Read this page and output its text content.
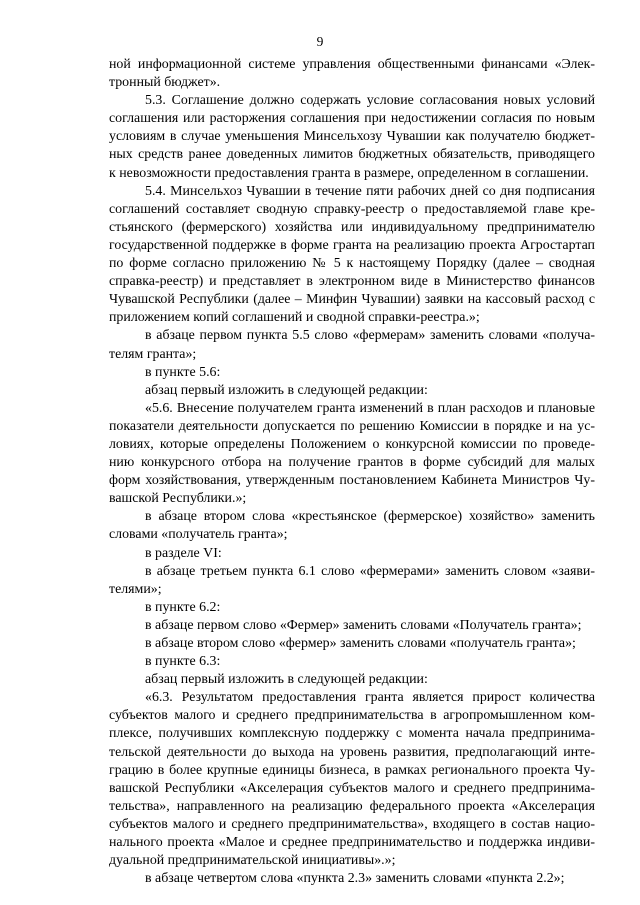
9
ной информационной системе управления общественными финансами «Элек-
тронный бюджет».
5.3. Соглашение должно содержать условие согласования новых условий
соглашения или расторжения соглашения при недостижении согласия по новым
условиям в случае уменьшения Минсельхозу Чувашии как получателю бюджет-
ных средств ранее доведенных лимитов бюджетных обязательств, приводящего
к невозможности предоставления гранта в размере, определенном в соглашении.
5.4. Минсельхоз Чувашии в течение пяти рабочих дней со дня подписания
соглашений составляет сводную справку-реестр о предоставляемой главе кре-
стьянского (фермерского) хозяйства или индивидуальному предпринимателю
государственной поддержке в форме гранта на реализацию проекта Агростартап
по форме согласно приложению № 5 к настоящему Порядку (далее – сводная
справка-реестр) и представляет в электронном виде в Министерство финансов
Чувашской Республики (далее – Минфин Чувашии) заявки на кассовый расход с
приложением копий соглашений и сводной справки-реестра.»;
в абзаце первом пункта 5.5 слово «фермерам» заменить словами «получа-
телям гранта»;
в пункте 5.6:
абзац первый изложить в следующей редакции:
«5.6. Внесение получателем гранта изменений в план расходов и плановые
показатели деятельности допускается по решению Комиссии в порядке и на ус-
ловиях, которые определены Положением о конкурсной комиссии по проведе-
нию конкурсного отбора на получение грантов в форме субсидий для малых
форм хозяйствования, утвержденным постановлением Кабинета Министров Чу-
вашской Республики.»;
в абзаце втором слова «крестьянское (фермерское) хозяйство» заменить
словами «получатель гранта»;
в разделе VI:
в абзаце третьем пункта 6.1 слово «фермерами» заменить словом «заяви-
телями»;
в пункте 6.2:
в абзаце первом слово «Фермер» заменить словами «Получатель гранта»;
в абзаце втором слово «фермер» заменить словами «получатель гранта»;
в пункте 6.3:
абзац первый изложить в следующей редакции:
«6.3. Результатом предоставления гранта является прирост количества
субъектов малого и среднего предпринимательства в агропромышленном ком-
плексе, получивших комплексную поддержку с момента начала предпринима-
тельской деятельности до выхода на уровень развития, предполагающий инте-
грацию в более крупные единицы бизнеса, в рамках регионального проекта Чу-
вашской Республики «Акселерация субъектов малого и среднего предпринима-
тельства», направленного на реализацию федерального проекта «Акселерация
субъектов малого и среднего предпринимательства», входящего в состав нацио-
нального проекта «Малое и среднее предпринимательство и поддержка индиви-
дуальной предпринимательской инициативы».»;
в абзаце четвертом слова «пункта 2.3» заменить словами «пункта 2.2»;
